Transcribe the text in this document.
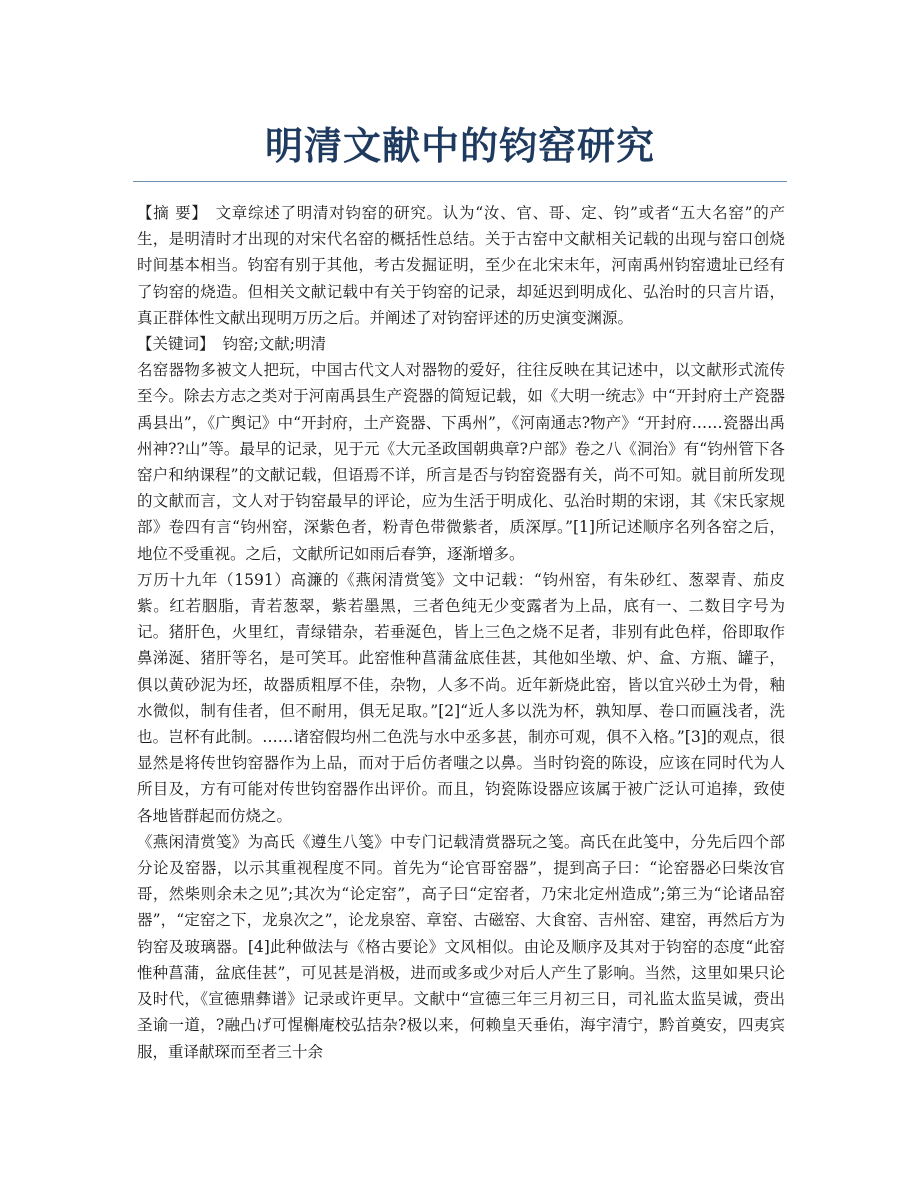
明清文献中的钧窑研究

【摘 要】 文章综述了明清对钧窑的研究。认为“汝、官、哥、定、钧”或者“五大名窑”的产生，是明清时才出现的对宋代名窑的概括性总结。关于古窑中文献相关记载的出现与窑口创烧时间基本相当。钧窑有别于其他，考古发掘证明，至少在北宋末年，河南禹州钧窑遗址已经有了钧窑的烧造。但相关文献记载中有关于钧窑的记录，却延迟到明成化、弘治时的只言片语，真正群体性文献出现明万历之后。并阐述了对钧窑评述的历史演变渊源。

【关键词】 钧窑;文献;明清

名窑器物多被文人把玩，中国古代文人对器物的爱好，往往反映在其记述中，以文献形式流传至今。除去方志之类对于河南禹县生产瓷器的简短记载，如《大明一统志》中“开封府土产瓷器禹县出”，《广舆记》中“开封府，土产瓷器、下禹州”，《河南通志?物产》“开封府……瓷器出禹州神??山”等。最早的记录，见于元《大元圣政国朝典章?户部》卷之八《洞治》有“钧州管下各窑户和纳课程”的文献记载，但语焉不详，所言是否与钧窑瓷器有关，尚不可知。就目前所发现的文献而言，文人对于钧窑最早的评论，应为生活于明成化、弘治时期的宋诩，其《宋氏家规部》卷四有言“钧州窑，深紫色者，粉青色带微紫者，质深厚。”[1]所记述顺序名列各窑之后，地位不受重视。之后，文献所记如雨后春笋，逐渐增多。

万历十九年（1591）高濂的《燕闲清赏笺》文中记载：“钧州窑，有朱砂红、葱翠青、茄皮紫。红若胭脂，青若葱翠，紫若墨黑，三者色纯无少变露者为上品，底有一、二数目字号为记。猪肝色，火里红，青绿错杂，若垂涎色，皆上三色之烧不足者，非别有此色样，俗即取作鼻涕涎、猪肝等名，是可笑耳。此窑惟种菖蒲盆底佳甚，其他如坐墩、炉、盒、方瓶、罐子，俱以黄砂泥为坯，故器质粗厚不佳，杂物，人多不尚。近年新烧此窑，皆以宜兴砂土为骨，釉水微似，制有佳者，但不耐用，俱无足取。”[2]“近人多以洗为杯，孰知厚、卷口而匾浅者，洗也。岂杯有此制。……诸窑假均州二色洗与水中丞多甚，制亦可观，俱不入格。”[3]的观点，很显然是将传世钧窑器作为上品，而对于后仿者嗤之以鼻。当时钧瓷的陈设，应该在同时代为人所目及，方有可能对传世钧窑器作出评价。而且，钧瓷陈设器应该属于被广泛认可追捧，致使各地皆群起而仿烧之。

《燕闲清赏笺》为高氏《遵生八笺》中专门记载清赏器玩之笺。高氏在此笺中，分先后四个部分论及窑器，以示其重视程度不同。首先为“论官哥窑器”，提到高子曰：“论窑器必曰柴汝官哥，然柴则余未之见”;其次为“论定窑”，高子曰“定窑者，乃宋北定州造成”;第三为“论诸品窑器”，“定窑之下，龙泉次之”，论龙泉窑、章窑、古磁窑、大食窑、吉州窑、建窑，再然后方为钧窑及玻璃器。[4]此种做法与《格古要论》文风相似。由论及顺序及其对于钧窑的态度“此窑惟种菖蒲，盆底佳甚”，可见甚是消极，进而或多或少对后人产生了影响。当然，这里如果只论及时代，《宣德鼎彝谱》记录或许更早。文献中“宣德三年三月初三日，司礼监太监吴诚，赍出圣谕一道，?融凸げ可惺槲庵校弘拮杂?极以来，何赖皇天垂佑，海宇清宁，黔首奠安，四夷宾服，重译献琛而至者三十余
